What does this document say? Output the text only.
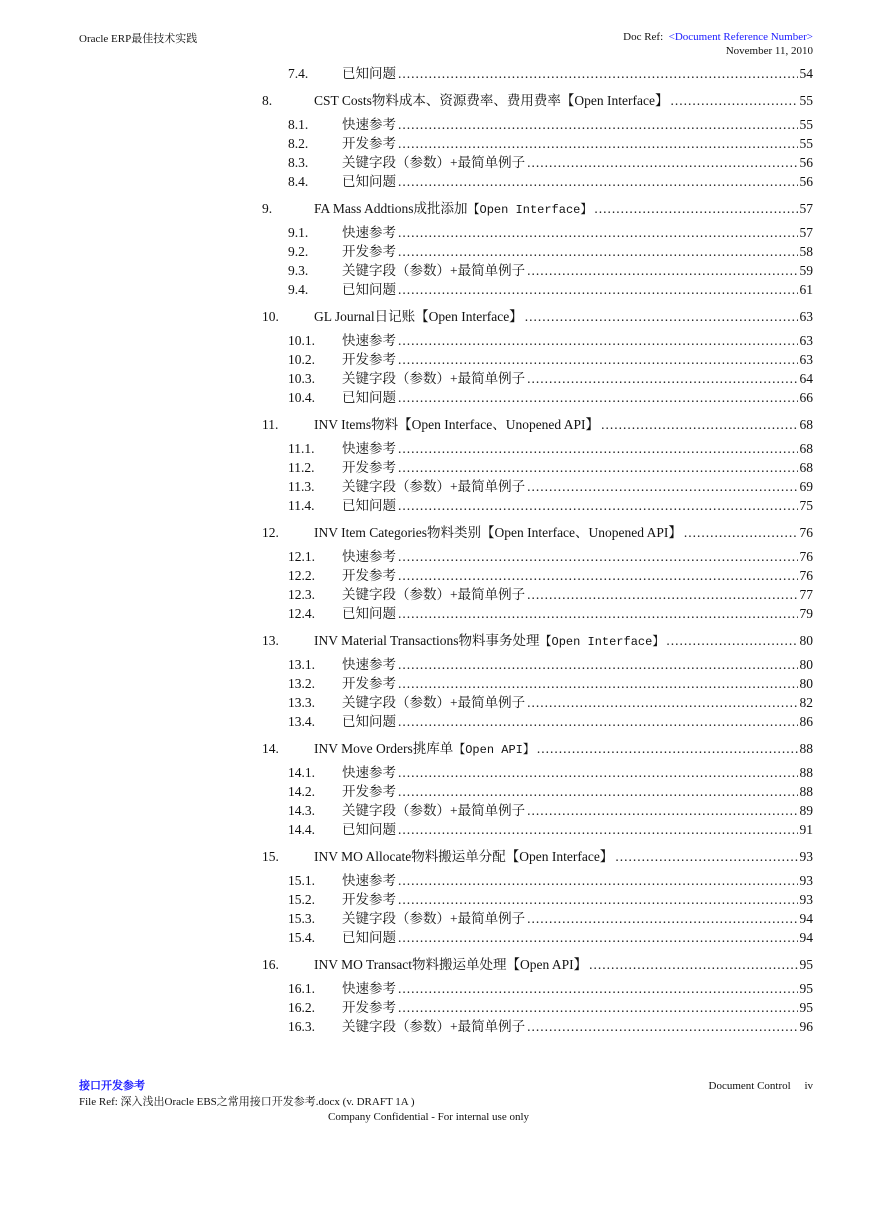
Oracle ERP最佳技术实践	Doc Ref: <Document Reference Number>
November 11, 2010
7.4.	已知问题 .....	54
8.	CST Costs物料成本、资源费率、费用费率【Open Interface】 .....	55
8.1.	快速参考 .....	55
8.2.	开发参考 .....	55
8.3.	关键字段（参数）+最简单例子 .....	56
8.4.	已知问题 .....	56
9.	FA Mass Addtions成批添加【Open Interface】 .....	57
9.1.	快速参考 .....	57
9.2.	开发参考 .....	58
9.3.	关键字段（参数）+最简单例子 .....	59
9.4.	已知问题 .....	61
10.	GL Journal日记账【Open Interface】 .....	63
10.1.	快速参考 .....	63
10.2.	开发参考 .....	63
10.3.	关键字段（参数）+最简单例子 .....	64
10.4.	已知问题 .....	66
11.	INV Items物料【Open Interface、Unopened API】 .....	68
11.1.	快速参考 .....	68
11.2.	开发参考 .....	68
11.3.	关键字段（参数）+最简单例子 .....	69
11.4.	已知问题 .....	75
12.	INV Item Categories物料类别【Open Interface、Unopened API】 .....	76
12.1.	快速参考 .....	76
12.2.	开发参考 .....	76
12.3.	关键字段（参数）+最简单例子 .....	77
12.4.	已知问题 .....	79
13.	INV Material Transactions物料事务处理【Open Interface】 .....	80
13.1.	快速参考 .....	80
13.2.	开发参考 .....	80
13.3.	关键字段（参数）+最简单例子 .....	82
13.4.	已知问题 .....	86
14.	INV Move Orders挑库单【Open API】 .....	88
14.1.	快速参考 .....	88
14.2.	开发参考 .....	88
14.3.	关键字段（参数）+最简单例子 .....	89
14.4.	已知问题 .....	91
15.	INV MO Allocate物料搬运单分配【Open Interface】 .....	93
15.1.	快速参考 .....	93
15.2.	开发参考 .....	93
15.3.	关键字段（参数）+最简单例子 .....	94
15.4.	已知问题 .....	94
16.	INV MO Transact物料搬运单处理【Open API】 .....	95
16.1.	快速参考 .....	95
16.2.	开发参考 .....	95
16.3.	关键字段（参数）+最简单例子 .....	96
接口开发参考	Document Control iv
File Ref: 深入浅出Oracle EBS之常用接口开发参考.docx (v. DRAFT 1A )
Company Confidential - For internal use only
